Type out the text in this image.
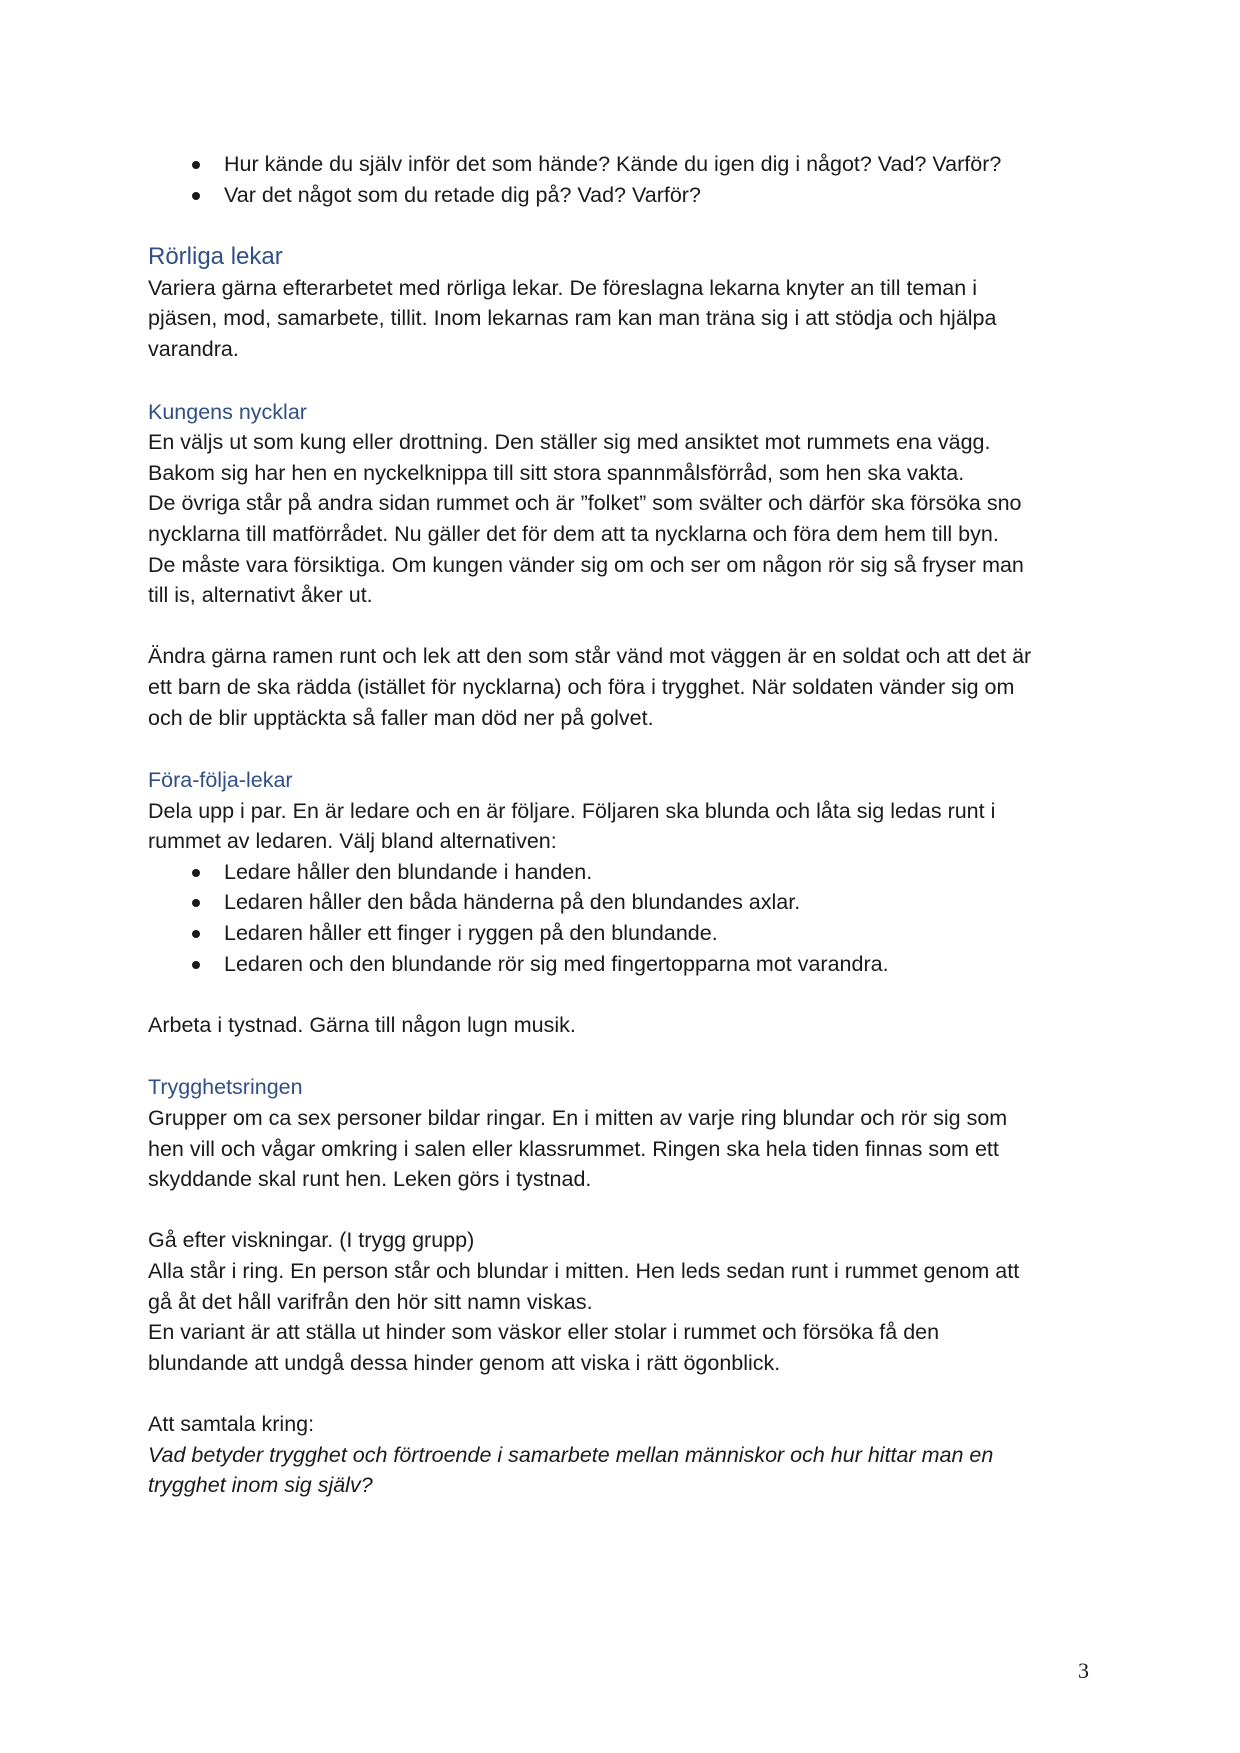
Hur kände du själv inför det som hände? Kände du igen dig i något? Vad? Varför?
Var det något som du retade dig på? Vad? Varför?
Rörliga lekar

Variera gärna efterarbetet med rörliga lekar. De föreslagna lekarna knyter an till teman i

pjäsen, mod, samarbete, tillit. Inom lekarnas ram kan man träna sig i att stödja och hjälpa

varandra.

Kungens nycklar

En väljs ut som kung eller drottning. Den ställer sig med ansiktet mot rummets ena vägg.

Bakom sig har hen en nyckelknippa till sitt stora spannmålsförråd, som hen ska vakta.

De övriga står på andra sidan rummet och är ”folket” som svälter och därför ska försöka sno

nycklarna till matförrådet. Nu gäller det för dem att ta nycklarna och föra dem hem till byn.

De måste vara försiktiga. Om kungen vänder sig om och ser om någon rör sig så fryser man

till is, alternativt åker ut.

Ändra gärna ramen runt och lek att den som står vänd mot väggen är en soldat och att det är

ett barn de ska rädda (istället för nycklarna) och föra i trygghet. När soldaten vänder sig om

och de blir upptäckta så faller man död ner på golvet.

Föra-följa-lekar

Dela upp i par. En är ledare och en är följare. Följaren ska blunda och låta sig ledas runt i

rummet av ledaren. Välj bland alternativen:

Ledare håller den blundande i handen.
Ledaren håller den båda händerna på den blundandes axlar.
Ledaren håller ett finger i ryggen på den blundande.
Ledaren och den blundande rör sig med fingertopparna mot varandra.

Arbeta i tystnad. Gärna till någon lugn musik.

Trygghetsringen

Grupper om ca sex personer bildar ringar. En i mitten av varje ring blundar och rör sig som

hen vill och vågar omkring i salen eller klassrummet. Ringen ska hela tiden finnas som ett

skyddande skal runt hen. Leken görs i tystnad.

Gå efter viskningar. (I trygg grupp)

Alla står i ring. En person står och blundar i mitten. Hen leds sedan runt i rummet genom att

gå åt det håll varifrån den hör sitt namn viskas.

En variant är att ställa ut hinder som väskor eller stolar i rummet och försöka få den

blundande att undgå dessa hinder genom att viska i rätt ögonblick.

Att samtala kring:

Vad betyder trygghet och förtroende i samarbete mellan människor och hur hittar man en

trygghet inom sig själv?

3
